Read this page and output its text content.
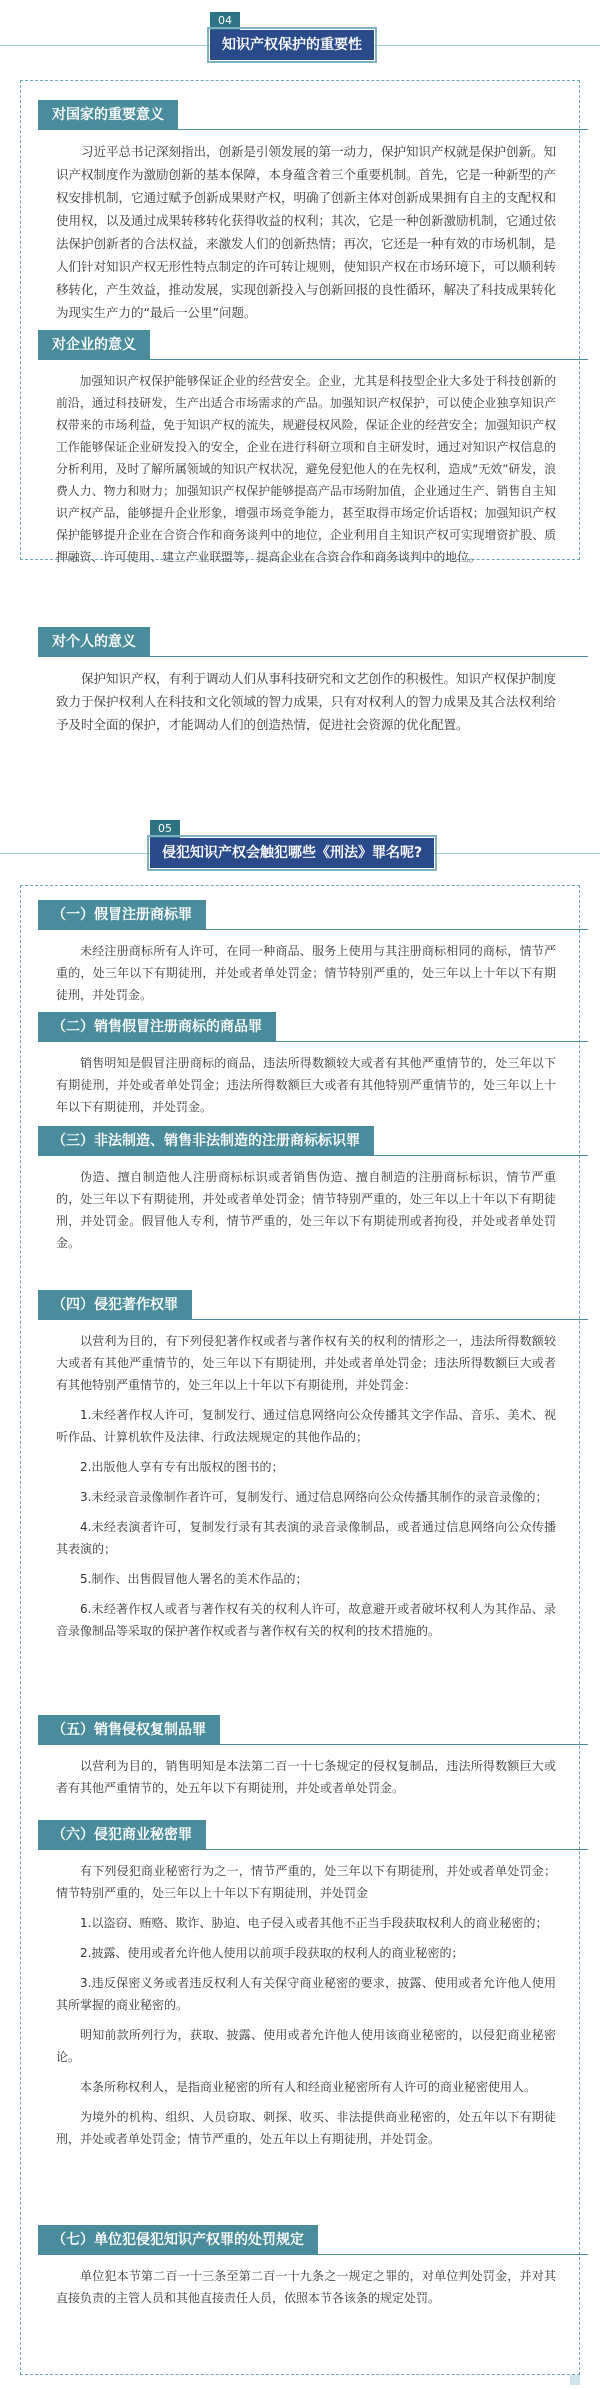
04
知识产权保护的重要性
对国家的重要意义
习近平总书记深刻指出，创新是引领发展的第一动力，保护知识产权就是保护创新。知识产权制度作为激励创新的基本保障，本身蕴含着三个重要机制。首先，它是一种新型的产权安排机制，它通过赋予创新成果财产权，明确了创新主体对创新成果拥有自主的支配权和使用权，以及通过成果转移转化获得收益的权利；其次，它是一种创新激励机制，它通过依法保护创新者的合法权益，来激发人们的创新热情；再次，它还是一种有效的市场机制，是人们针对知识产权无形性特点制定的许可转让规则，使知识产权在市场环境下，可以顺利转移转化，产生效益，推动发展，实现创新投入与创新回报的良性循环，解决了科技成果转化为现实生产力的“最后一公里”问题。
对企业的意义
加强知识产权保护能够保证企业的经营安全。企业，尤其是科技型企业大多处于科技创新的前沿，通过科技研发，生产出适合市场需求的产品。加强知识产权保护，可以使企业独享知识产权带来的市场利益，免于知识产权的流失，规避侵权风险，保证企业的经营安全；加强知识产权工作能够保证企业研发投入的安全，企业在进行科研立项和自主研发时，通过对知识产权信息的分析利用，及时了解所属领域的知识产权状况，避免侵犯他人的在先权利，造成“无效”研发，浪费人力、物力和财力；加强知识产权保护能够提高产品市场附加值，企业通过生产、销售自主知识产权产品，能够提升企业形象，增强市场竞争能力，甚至取得市场定价话语权；加强知识产权保护能够提升企业在合资合作和商务谈判中的地位，企业利用自主知识产权可实现增资扩股、质押融资、许可使用、建立产业联盟等，提高企业在合资合作和商务谈判中的地位。
对个人的意义
保护知识产权，有利于调动人们从事科技研究和文艺创作的积极性。知识产权保护制度致力于保护权利人在科技和文化领域的智力成果，只有对权利人的智力成果及其合法权利给予及时全面的保护，才能调动人们的创造热情，促进社会资源的优化配置。
05
侵犯知识产权会触犯哪些《刑法》罪名呢?
（一）假冒注册商标罪

未经注册商标所有人许可，在同一种商品、服务上使用与其注册商标相同的商标，情节严重的，处三年以下有期徒刑，并处或者单处罚金；情节特别严重的，处三年以上十年以下有期徒刑，并处罚金。

（二）销售假冒注册商标的商品罪

销售明知是假冒注册商标的商品，违法所得数额较大或者有其他严重情节的，处三年以下有期徒刑，并处或者单处罚金；违法所得数额巨大或者有其他特别严重情节的，处三年以上十年以下有期徒刑，并处罚金。

（三）非法制造、销售非法制造的注册商标标识罪

伪造、擅自制造他人注册商标标识或者销售伪造、擅自制造的注册商标标识，情节严重的，处三年以下有期徒刑，并处或者单处罚金；情节特别严重的，处三年以上十年以下有期徒刑，并处罚金。假冒他人专利，情节严重的，处三年以下有期徒刑或者拘役，并处或者单处罚金。

（四）侵犯著作权罪

以营利为目的，有下列侵犯著作权或者与著作权有关的权利的情形之一，违法所得数额较大或者有其他严重情节的，处三年以下有期徒刑，并处或者单处罚金；违法所得数额巨大或者有其他特别严重情节的，处三年以上十年以下有期徒刑，并处罚金：

1.未经著作权人许可，复制发行、通过信息网络向公众传播其文字作品、音乐、美术、视听作品、计算机软件及法律、行政法规规定的其他作品的；

2.出版他人享有专有出版权的图书的；

3.未经录音录像制作者许可，复制发行、通过信息网络向公众传播其制作的录音录像的；

4.未经表演者许可，复制发行录有其表演的录音录像制品，或者通过信息网络向公众传播其表演的；

5.制作、出售假冒他人署名的美术作品的；

6.未经著作权人或者与著作权有关的权利人许可，故意避开或者破坏权利人为其作品、录音录像制品等采取的保护著作权或者与著作权有关的权利的技术措施的。

（五）销售侵权复制品罪

以营利为目的，销售明知是本法第二百一十七条规定的侵权复制品，违法所得数额巨大或者有其他严重情节的，处五年以下有期徒刑，并处或者单处罚金。

（六）侵犯商业秘密罪

有下列侵犯商业秘密行为之一，情节严重的，处三年以下有期徒刑，并处或者单处罚金；情节特别严重的，处三年以上十年以下有期徒刑，并处罚金

1.以盗窃、贿赂、欺诈、胁迫、电子侵入或者其他不正当手段获取权利人的商业秘密的；

2.披露、使用或者允许他人使用以前项手段获取的权利人的商业秘密的；

3.违反保密义务或者违反权利人有关保守商业秘密的要求，披露、使用或者允许他人使用其所掌握的商业秘密的。

明知前款所列行为，获取、披露、使用或者允许他人使用该商业秘密的，以侵犯商业秘密论。

本条所称权利人，是指商业秘密的所有人和经商业秘密所有人许可的商业秘密使用人。

为境外的机构、组织、人员窃取、刺探、收买、非法提供商业秘密的，处五年以下有期徒刑，并处或者单处罚金；情节严重的，处五年以上有期徒刑，并处罚金。

（七）单位犯侵犯知识产权罪的处罚规定

单位犯本节第二百一十三条至第二百一十九条之一规定之罪的，对单位判处罚金，并对其直接负责的主管人员和其他直接责任人员，依照本节各该条的规定处罚。
